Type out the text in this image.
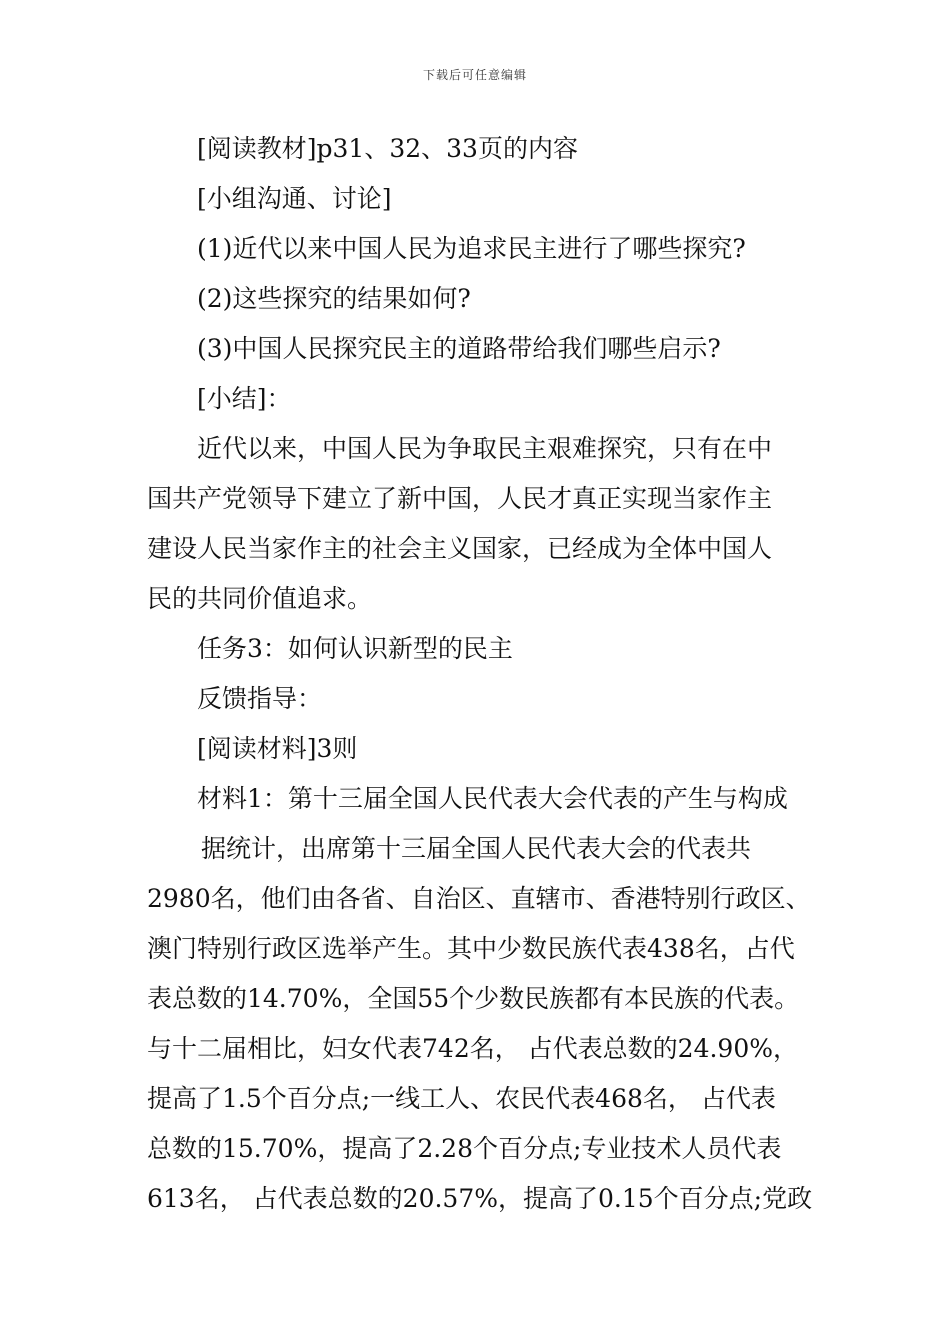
下载后可任意编辑
[阅读教材]p31、32、33页的内容
[小组沟通、讨论]
(1)近代以来中国人民为追求民主进行了哪些探究?
(2)这些探究的结果如何?
(3)中国人民探究民主的道路带给我们哪些启示?
[小结]：
近代以来，中国人民为争取民主艰难探究，只有在中
国共产党领导下建立了新中国，人民才真正实现当家作主
建设人民当家作主的社会主义国家，已经成为全体中国人
民的共同价值追求。
任务3：如何认识新型的民主
反馈指导：
[阅读材料]3则
材料1：第十三届全国人民代表大会代表的产生与构成
据统计，出席第十三届全国人民代表大会的代表共
2980名，他们由各省、自治区、直辖市、香港特别行政区、
澳门特别行政区选举产生。其中少数民族代表438名，占代
表总数的14.70%，全国55个少数民族都有本民族的代表。
与十二届相比，妇女代表742名， 占代表总数的24.90%，
提高了1.5个百分点;一线工人、农民代表468名， 占代表
总数的15.70%，提高了2.28个百分点;专业技术人员代表
613名， 占代表总数的20.57%，提高了0.15个百分点;党政
